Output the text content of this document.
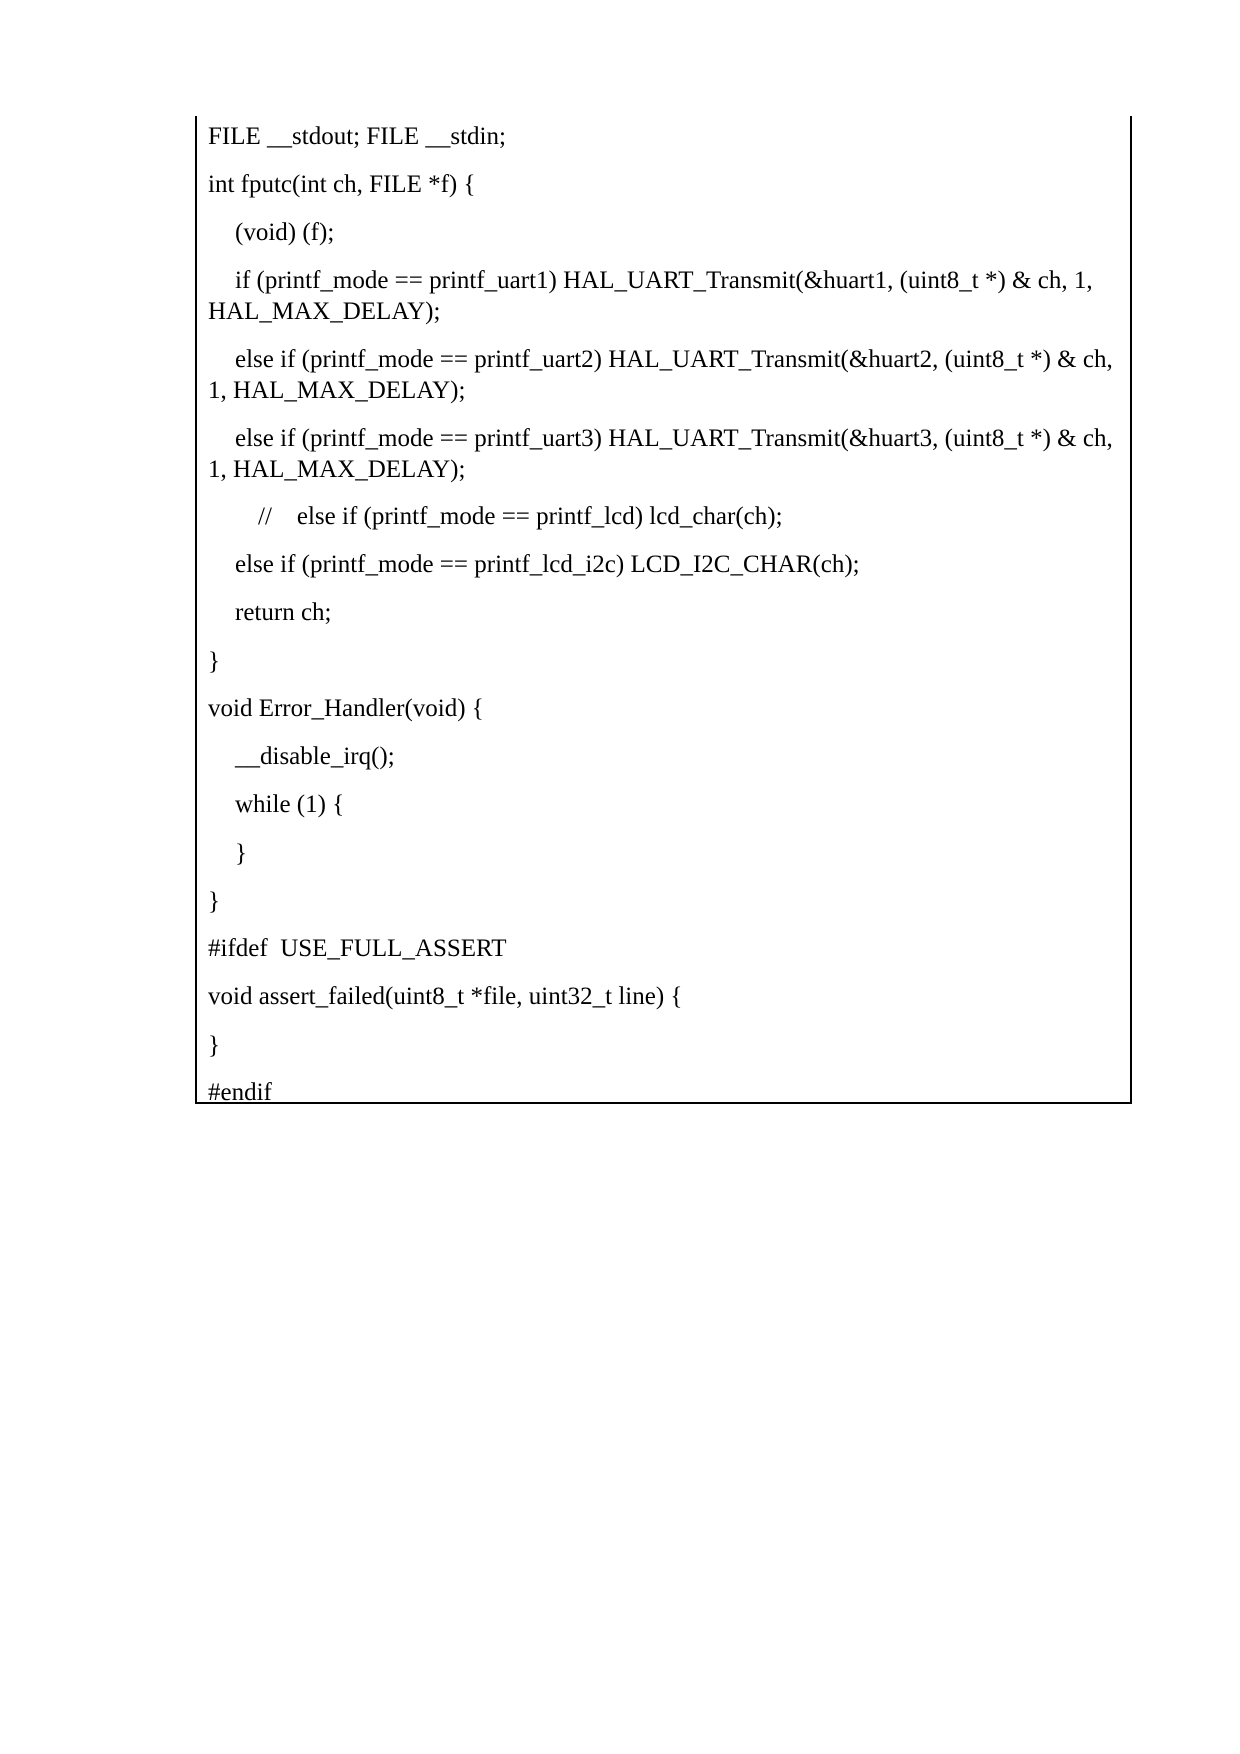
FILE __stdout; FILE __stdin;

int fputc(int ch, FILE *f) {

(void) (f);

if (printf_mode == printf_uart1) HAL_UART_Transmit(&huart1, (uint8_t *) & ch, 1, HAL_MAX_DELAY);

else if (printf_mode == printf_uart2) HAL_UART_Transmit(&huart2, (uint8_t *) & ch, 1, HAL_MAX_DELAY);

else if (printf_mode == printf_uart3) HAL_UART_Transmit(&huart3, (uint8_t *) & ch, 1, HAL_MAX_DELAY);

//    else if (printf_mode == printf_lcd) lcd_char(ch);

else if (printf_mode == printf_lcd_i2c) LCD_I2C_CHAR(ch);

return ch;

}

void Error_Handler(void) {

__disable_irq();

while (1) {

}

}

#ifdef  USE_FULL_ASSERT

void assert_failed(uint8_t *file, uint32_t line) {

}

#endif
